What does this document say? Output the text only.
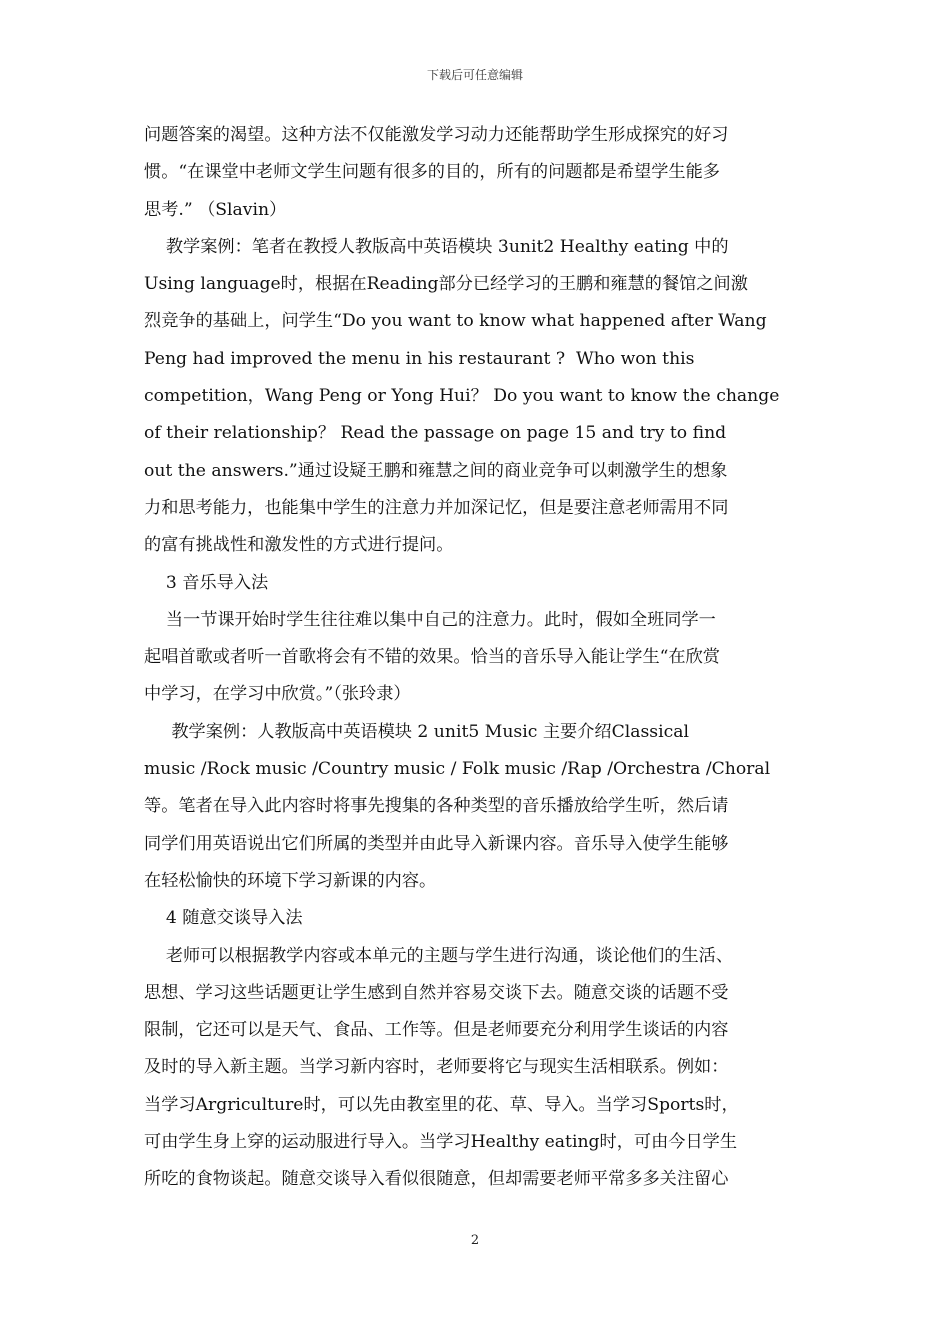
下载后可任意编辑
问题答案的渴望。这种方法不仅能激发学习动力还能帮助学生形成探究的好习
惯。“在课堂中老师文学生问题有很多的目的，所有的问题都是希望学生能多
思考.” （Slavin）
教学案例：笔者在教授人教版高中英语模块 3unit2 Healthy eating 中的
Using language时，根据在Reading部分已经学习的王鹏和雍慧的餐馆之间激
烈竞争的基础上，问学生“Do you want to know what happened after Wang
Peng had improved the menu in his restaurant ?  Who won this
competition，Wang Peng or Yong Hui？ Do you want to know the change
of their relationship？ Read the passage on page 15 and try to find
out the answers.”通过设疑王鹏和雍慧之间的商业竞争可以刺激学生的想象
力和思考能力，也能集中学生的注意力并加深记忆，但是要注意老师需用不同
的富有挑战性和激发性的方式进行提问。
3 音乐导入法
当一节课开始时学生往往难以集中自己的注意力。此时，假如全班同学一
起唱首歌或者听一首歌将会有不错的效果。恰当的音乐导入能让学生“在欣赏
中学习，在学习中欣赏。”（张玲隶）
教学案例：人教版高中英语模块 2 unit5 Music 主要介绍Classical
music /Rock music /Country music / Folk music /Rap /Orchestra /Choral
等。笔者在导入此内容时将事先搜集的各种类型的音乐播放给学生听，然后请
同学们用英语说出它们所属的类型并由此导入新课内容。音乐导入使学生能够
在轻松愉快的环境下学习新课的内容。
4 随意交谈导入法
老师可以根据教学内容或本单元的主题与学生进行沟通，谈论他们的生活、
思想、学习这些话题更让学生感到自然并容易交谈下去。随意交谈的话题不受
限制，它还可以是天气、食品、工作等。但是老师要充分利用学生谈话的内容
及时的导入新主题。当学习新内容时，老师要将它与现实生活相联系。例如：
当学习Argriculture时，可以先由教室里的花、草、导入。当学习Sports时，
可由学生身上穿的运动服进行导入。当学习Healthy eating时，可由今日学生
所吃的食物谈起。随意交谈导入看似很随意，但却需要老师平常多多关注留心
2
